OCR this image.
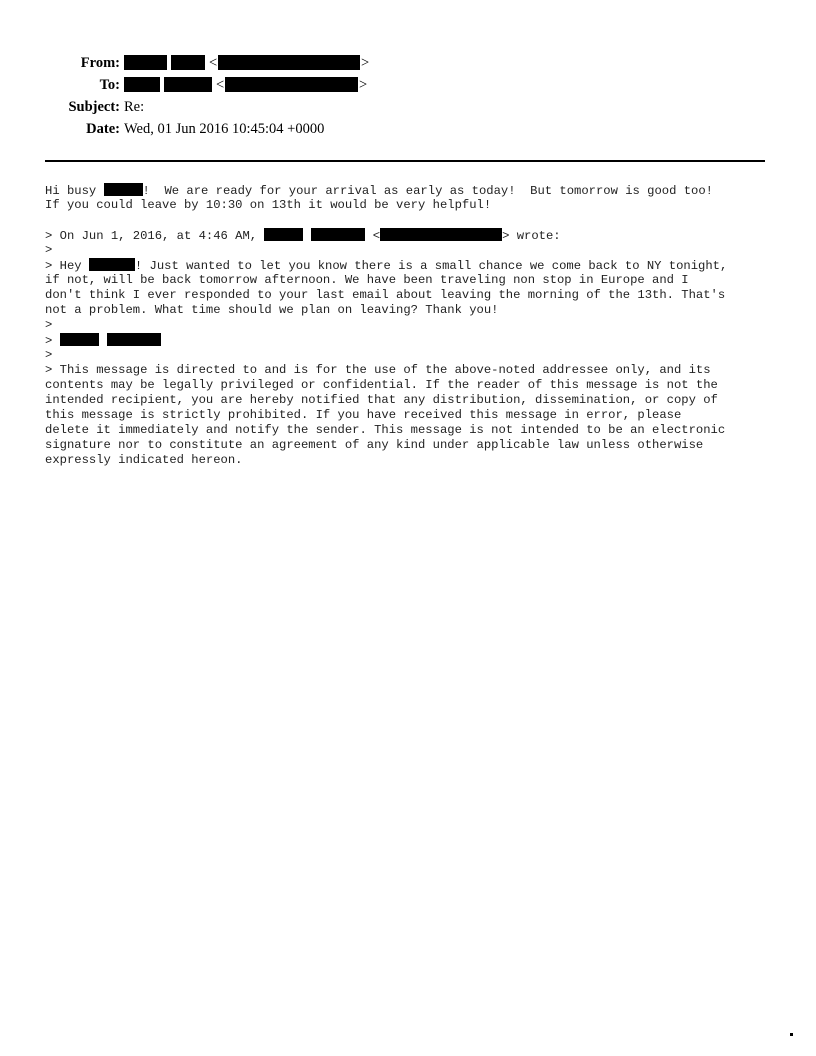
From:	<	>
To:	<	>
Subject: Re:
Date: Wed, 01 Jun 2016 10:45:04 +0000
Hi busy	!  We are ready for your arrival as early as today!  But tomorrow is good too!
If you could leave by 10:30 on 13th it would be very helpful!
> On Jun 1, 2016, at 4:46 AM,	<	> wrote:
>
> Hey	! Just wanted to let you know there is a small chance we come back to NY tonight,
if not, will be back tomorrow afternoon. We have been traveling non stop in Europe and I
don't think I ever responded to your last email about leaving the morning of the 13th. That's
not a problem. What time should we plan on leaving? Thank you!
>
>
>
> This message is directed to and is for the use of the above-noted addressee only, and its
contents may be legally privileged or confidential. If the reader of this message is not the
intended recipient, you are hereby notified that any distribution, dissemination, or copy of
this message is strictly prohibited. If you have received this message in error, please
delete it immediately and notify the sender. This message is not intended to be an electronic
signature nor to constitute an agreement of any kind under applicable law unless otherwise
expressly indicated hereon.
